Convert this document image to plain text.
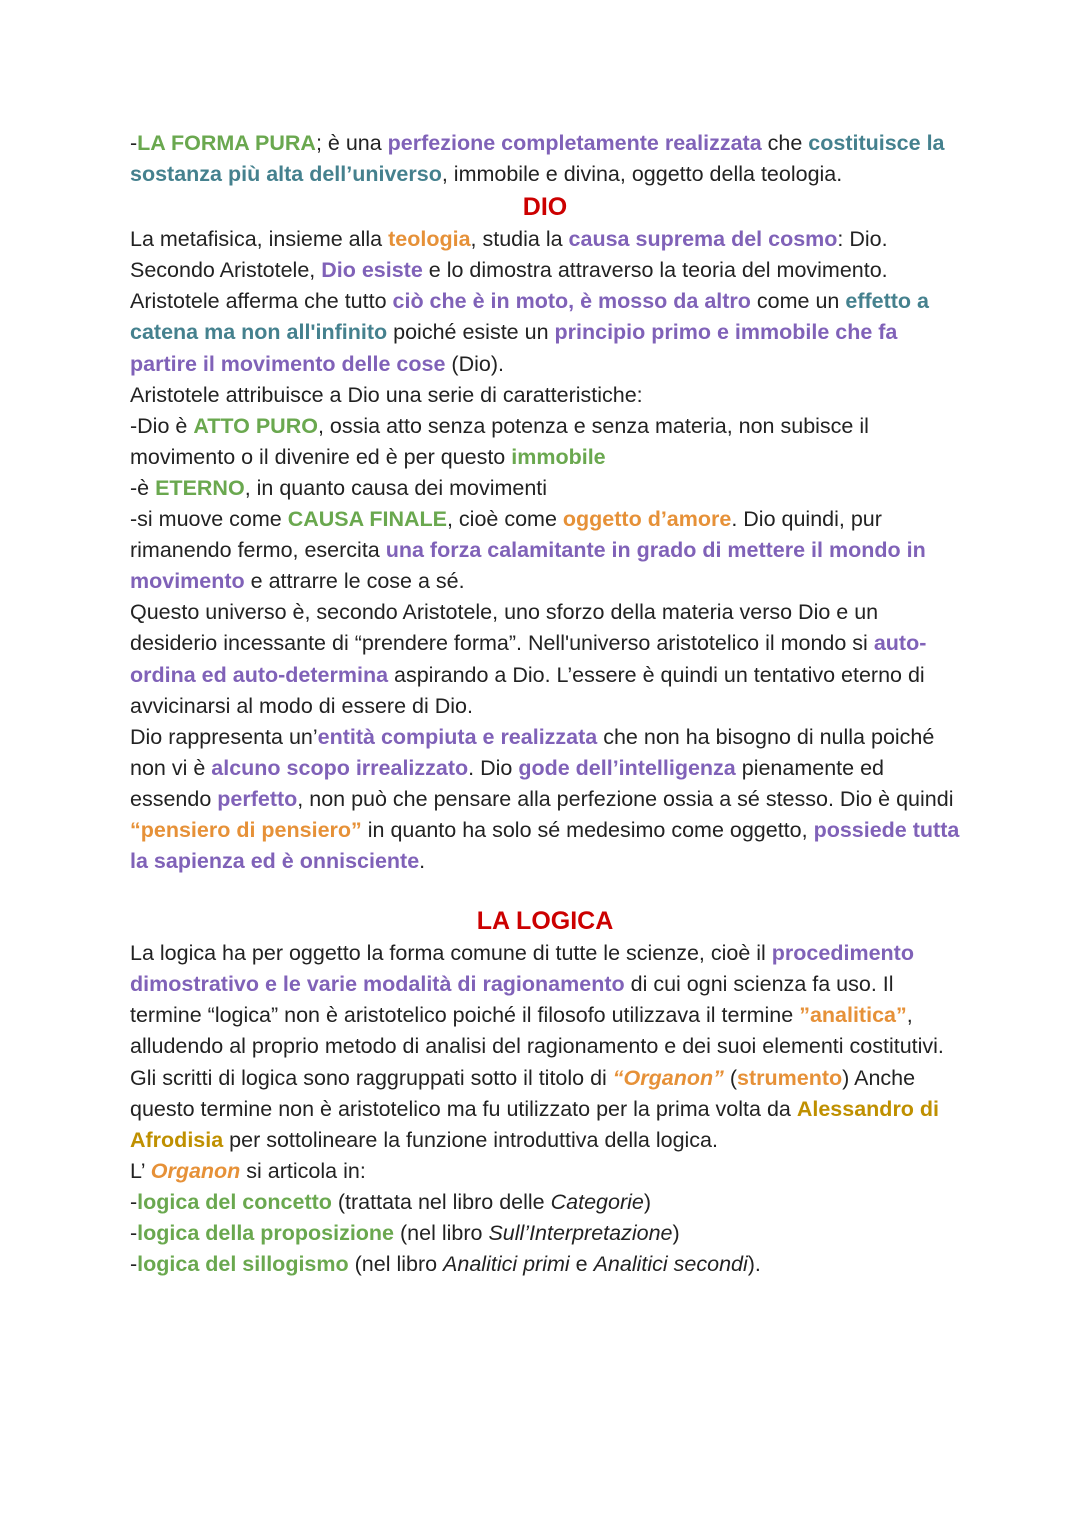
-LA FORMA PURA; è una perfezione completamente realizzata che costituisce la sostanza più alta dell’universo, immobile e divina, oggetto della teologia.

DIO

La metafisica, insieme alla teologia, studia la causa suprema del cosmo: Dio. Secondo Aristotele, Dio esiste e lo dimostra attraverso la teoria del movimento. Aristotele afferma che tutto ciò che è in moto, è mosso da altro come un effetto a catena ma non all'infinito poiché esiste un principio primo e immobile che fa partire il movimento delle cose (Dio).

Aristotele attribuisce a Dio una serie di caratteristiche:

-Dio è ATTO PURO, ossia atto senza potenza e senza materia, non subisce il movimento o il divenire ed è per questo immobile

-è ETERNO, in quanto causa dei movimenti

-si muove come CAUSA FINALE, cioè come oggetto d’amore. Dio quindi, pur rimanendo fermo, esercita una forza calamitante in grado di mettere il mondo in movimento e attrarre le cose a sé.

Questo universo è, secondo Aristotele, uno sforzo della materia verso Dio e un desiderio incessante di “prendere forma”. Nell'universo aristotelico il mondo si auto-ordina ed auto-determina aspirando a Dio. L’essere è quindi un tentativo eterno di avvicinarsi al modo di essere di Dio.

Dio rappresenta un’entità compiuta e realizzata che non ha bisogno di nulla poiché non vi è alcuno scopo irrealizzato. Dio gode dell’intelligenza pienamente ed essendo perfetto, non può che pensare alla perfezione ossia a sé stesso. Dio è quindi “pensiero di pensiero” in quanto ha solo sé medesimo come oggetto, possiede tutta la sapienza ed è onnisciente.

LA LOGICA

La logica ha per oggetto la forma comune di tutte le scienze, cioè il procedimento dimostrativo e le varie modalità di ragionamento di cui ogni scienza fa uso. Il termine “logica” non è aristotelico poiché il filosofo utilizzava il termine ”analitica”, alludendo al proprio metodo di analisi del ragionamento e dei suoi elementi costitutivi.

Gli scritti di logica sono raggruppati sotto il titolo di “Organon” (strumento) Anche questo termine non è aristotelico ma fu utilizzato per la prima volta da Alessandro di Afrodisia per sottolineare la funzione introduttiva della logica.

L’ Organon si articola in:

-logica del concetto (trattata nel libro delle Categorie)

-logica della proposizione (nel libro Sull’Interpretazione)

-logica del sillogismo (nel libro Analitici primi e Analitici secondi).
